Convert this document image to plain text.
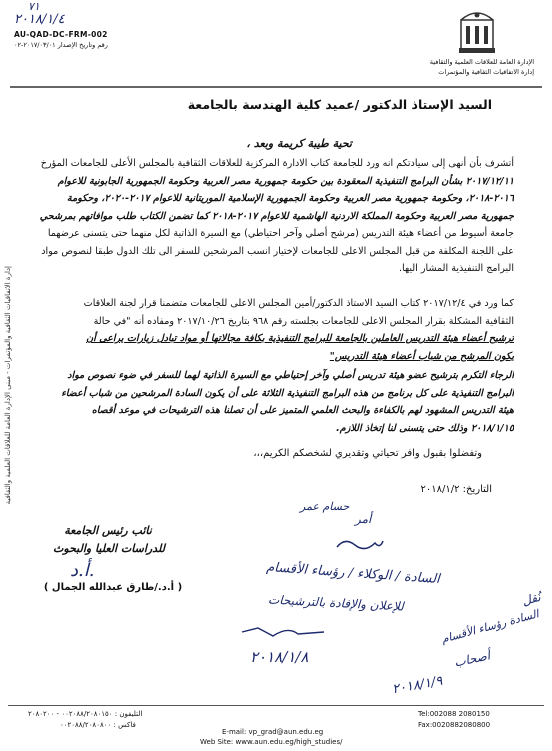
٧١
٢٠١٨/١/٤
AU-QAD-DC-FRM-002
رقم وتاريخ الإصدار ٢٠١٧/٠٣/٠١-٠٢
الإدارة العامة للعلاقات العلمية والثقافية
إدارة الاتفاقيات الثقافية والمؤتمرات
السيد الإستاذ الدكتور /عميد كلية الهندسة بالجامعة
تحية طيبة كريمة وبعد ،
أتشرف بأن أنهى إلى سيادتكم انه ورد للجامعة كتاب الادارة المركزية للعلاقات الثقافية بالمجلس الأعلى للجامعات المؤرخ
٢٠١٧/١٢/١١ بشأن البرامج التنفيذية المعقودة بين حكومة جمهورية مصر العربية وحكومة الجمهورية الجابونية للاعوام
٢٠١٦-٢٠١٨، وحكومة جمهورية مصر العربية وحكومة الجمهورية الإسلامية الموريتانية للاعوام ٢٠١٧-٢٠٢٠، وحكومة
جمهورية مصر العربية وحكومة المملكة الاردنية الهاشمية للاعوام ٢٠١٧-٢٠١٨ كما تضمن الكتاب طلب موافاتهم بمرشحي
جامعة أسيوط من أعضاء هيئة التدريس (مرشح أصلي وآخر احتياطي) مع السيرة الذاتية لكل منهما حتى يتسنى عرضهما
على اللجنة المكلفة من قبل المجلس الاعلى للجامعات لإختيار انسب المرشحين للسفر الى تلك الدول طبقا لنصوص مواد
البرامج التنفيذية المشار اليها.
كما ورد في ٢٠١٧/١٢/٤ كتاب السيد الاستاذ الدكتور/أمين المجلس الاعلى للجامعات متضمنا قرار لجنة العلاقات
الثقافية المشكلة بقرار المجلس الاعلى للجامعات بجلسته رقم ٩٦٨ بتاريخ ٢٠١٧/١٠/٢٦ ومفاده أنه "في حالة
ترشيح أعضاء هيئة التدريس العاملين بالجامعة للبرامج التنفيذية بكافة مجالاتها أو مواد تبادل زيارات يراعى أن
يكون المرشح من شباب أعضاء هيئة التدريس"
الرجاء التكرم بترشيح عضو هيئة تدريس أصلي وآخر إحتياطي مع السيرة الذاتية لهما للسفر في ضوء نصوص مواد
البرامج التنفيذية على كل برنامج من هذه البرامج التنفيذية الثلاثة على أن يكون السادة المرشحين من شباب أعضاء
هيئة التدريس المشهود لهم بالكفاءة والبحث العلمي المتميز على أن تصلنا هذه الترشيحات في موعد أقصاه
٢٠١٨/١/١٥ وذلك حتى يتسنى لنا إتخاذ اللازم.
وتفضلوا بقبول وافر تحياتي وتقديري لشخصكم الكريم،،،
التاريخ: ٢٠١٨/١/٢
حسام عمر
أمر
نائب رئيس الجامعة
للدراسات العليا والبحوث
أ.د.
( أ.د./طارق عبدالله الجمال )
السادة / الوكلاء / رؤساء الأقسام
للإعلان والإفادة بالترشيحات
٢٠١٨/١/٨
نُقل
السادة رؤساء الأقسام
أصحاب
٢٠١٨/١/٩
إدارة الاتفاقيات الثقافية والمؤتمرات - مبنى الإدارة العامة للعلاقات العلمية والثقافية
التليفون : ٠٠٢٠٨٨/٢٠٨٠١٥٠ - ٢٠٨٠٢٠٠
فاكس : ٠٠٢٠٨٨/٢٠٨٠٨٠٠
Tel:002088 2080150
Fax:0020882080800
E-mail: vp_grad@aun.edu.eg
Web Site: www.aun.edu.eg/high_studies/
